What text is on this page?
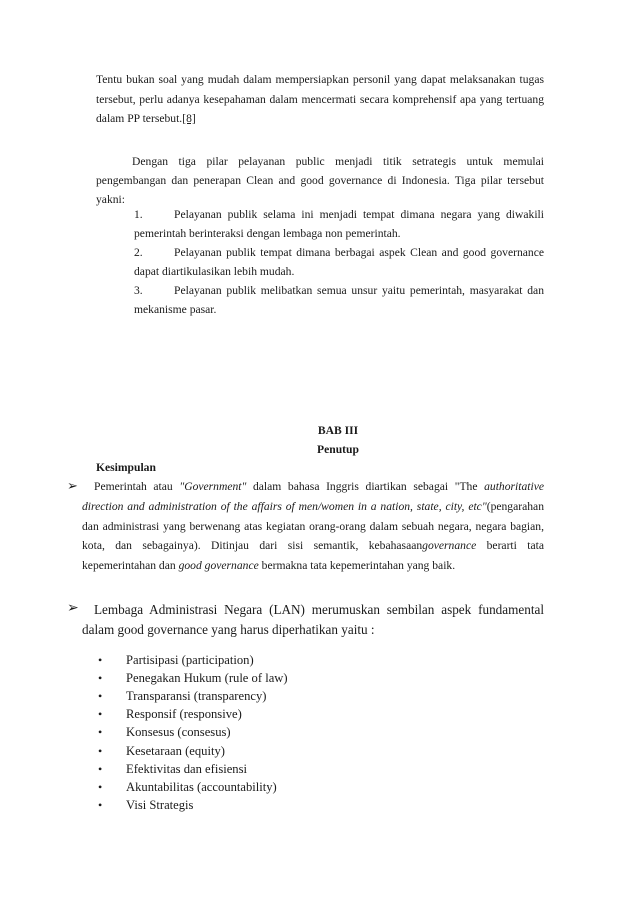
Tentu bukan soal yang mudah dalam mempersiapkan personil yang dapat melaksanakan tugas tersebut, perlu adanya kesepahaman dalam mencermati secara komprehensif apa yang tertuang dalam PP tersebut.[8]

Dengan tiga pilar pelayanan public menjadi titik setrategis untuk memulai pengembangan dan penerapan Clean and good governance di Indonesia. Tiga pilar tersebut yakni:

1.	Pelayanan publik selama ini menjadi tempat dimana negara yang diwakili pemerintah berinteraksi dengan lembaga non pemerintah.

2.	Pelayanan publik tempat dimana berbagai aspek Clean and good governance dapat diartikulasikan lebih mudah.

3.	Pelayanan publik melibatkan semua unsur yaitu pemerintah, masyarakat dan mekanisme pasar.

BAB III
Penutup
Kesimpulan
➢	Pemerintah atau "Government" dalam bahasa Inggris diartikan sebagai "The authoritative direction and administration of the affairs of men/women in a nation, state, city, etc"(pengarahan dan administrasi yang berwenang atas kegiatan orang-orang dalam sebuah negara, negara bagian, kota, dan sebagainya). Ditinjau dari sisi semantik, kebahasaangovernance berarti tata kepemerintahan dan good governance bermakna tata kepemerintahan yang baik.

➢	Lembaga Administrasi Negara (LAN) merumuskan sembilan aspek fundamental dalam good governance yang harus diperhatikan yaitu :

•	Partisipasi (participation)
•	Penegakan Hukum (rule of law)
•	Transparansi (transparency)
•	Responsif (responsive)
•	Konsesus (consesus)
•	Kesetaraan (equity)
•	Efektivitas dan efisiensi
•	Akuntabilitas (accountability)
•	Visi Strategis
